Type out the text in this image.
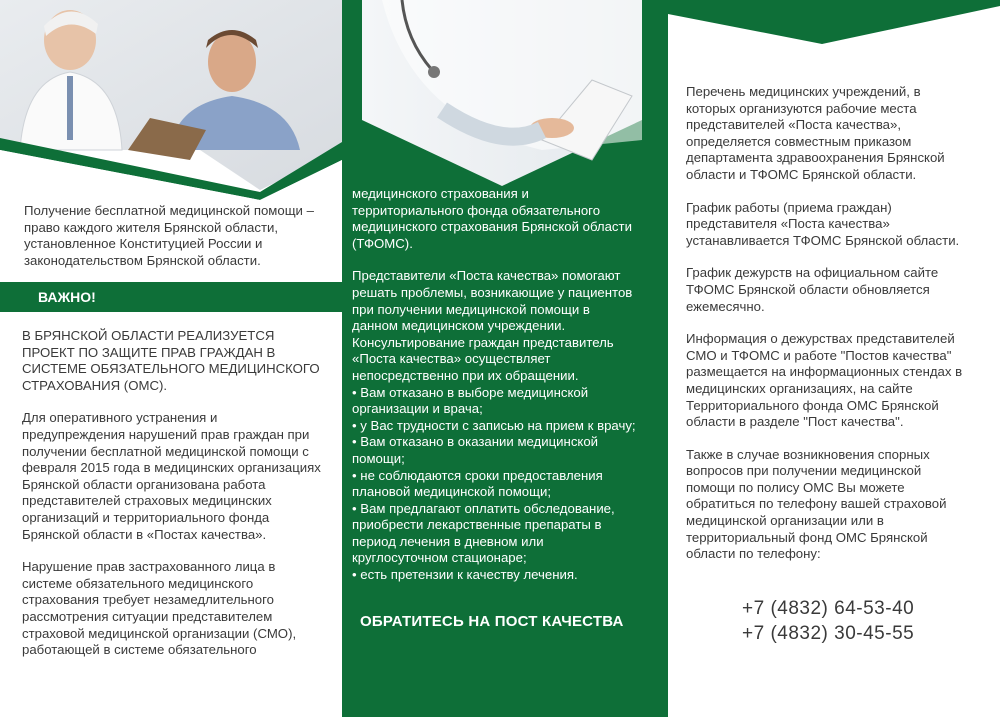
Получение бесплатной медицинской помощи – право каждого жителя Брянской области, установленное Конституцией России и законодательством Брянской области.
ВАЖНО!

В БРЯНСКОЙ ОБЛАСТИ РЕАЛИЗУЕТСЯ ПРОЕКТ ПО ЗАЩИТЕ ПРАВ ГРАЖДАН В СИСТЕМЕ ОБЯЗАТЕЛЬНОГО МЕДИЦИНСКОГО СТРАХОВАНИЯ (ОМС).

Для оперативного устранения и предупреждения нарушений прав граждан при получении бесплатной медицинской помощи с февраля 2015 года в медицинских организациях Брянской области организована работа представителей страховых медицинских организаций и территориального фонда Брянской области в «Постах качества».

Нарушение прав застрахованного лица в системе обязательного медицинского страхования требует незамедлительного рассмотрения ситуации представителем страховой медицинской организации (СМО), работающей в системе обязательного

медицинского страхования и территориального фонда обязательного медицинского страхования Брянской области (ТФОМС).

Представители «Поста качества» помогают решать проблемы, возникающие у пациентов при получении медицинской помощи в данном медицинском учреждении. Консультирование граждан представитель «Поста качества» осуществляет непосредственно при их обращении.
• Вам отказано в выборе медицинской организации и врача;
• у Вас трудности с записью на прием к врачу;
• Вам отказано в оказании медицинской помощи;
• не соблюдаются сроки предоставления плановой медицинской помощи;
• Вам предлагают оплатить обследование, приобрести лекарственные препараты в период лечения в дневном или круглосуточном стационаре;
• есть претензии к качеству лечения.
ОБРАТИТЕСЬ НА ПОСТ КАЧЕСТВА

Перечень медицинских учреждений, в которых организуются рабочие места представителей «Поста качества», определяется совместным приказом департамента здравоохранения Брянской области и ТФОМС Брянской области.

График работы (приема граждан) представителя «Поста качества» устанавливается ТФОМС Брянской области.

График дежурств на официальном сайте ТФОМС Брянской области обновляется ежемесячно.

Информация о дежурствах представителей СМО и ТФОМС и работе "Постов качества" размещается на информационных стендах в медицинских организациях, на сайте Территориального фонда ОМС Брянской области в разделе "Пост качества".

Также в случае возникновения спорных вопросов при получении медицинской помощи по полису ОМС Вы можете обратиться по телефону вашей страховой медицинской организации или в территориальный фонд ОМС Брянской области по телефону:

+7 (4832) 64-53-40
+7 (4832) 30-45-55
